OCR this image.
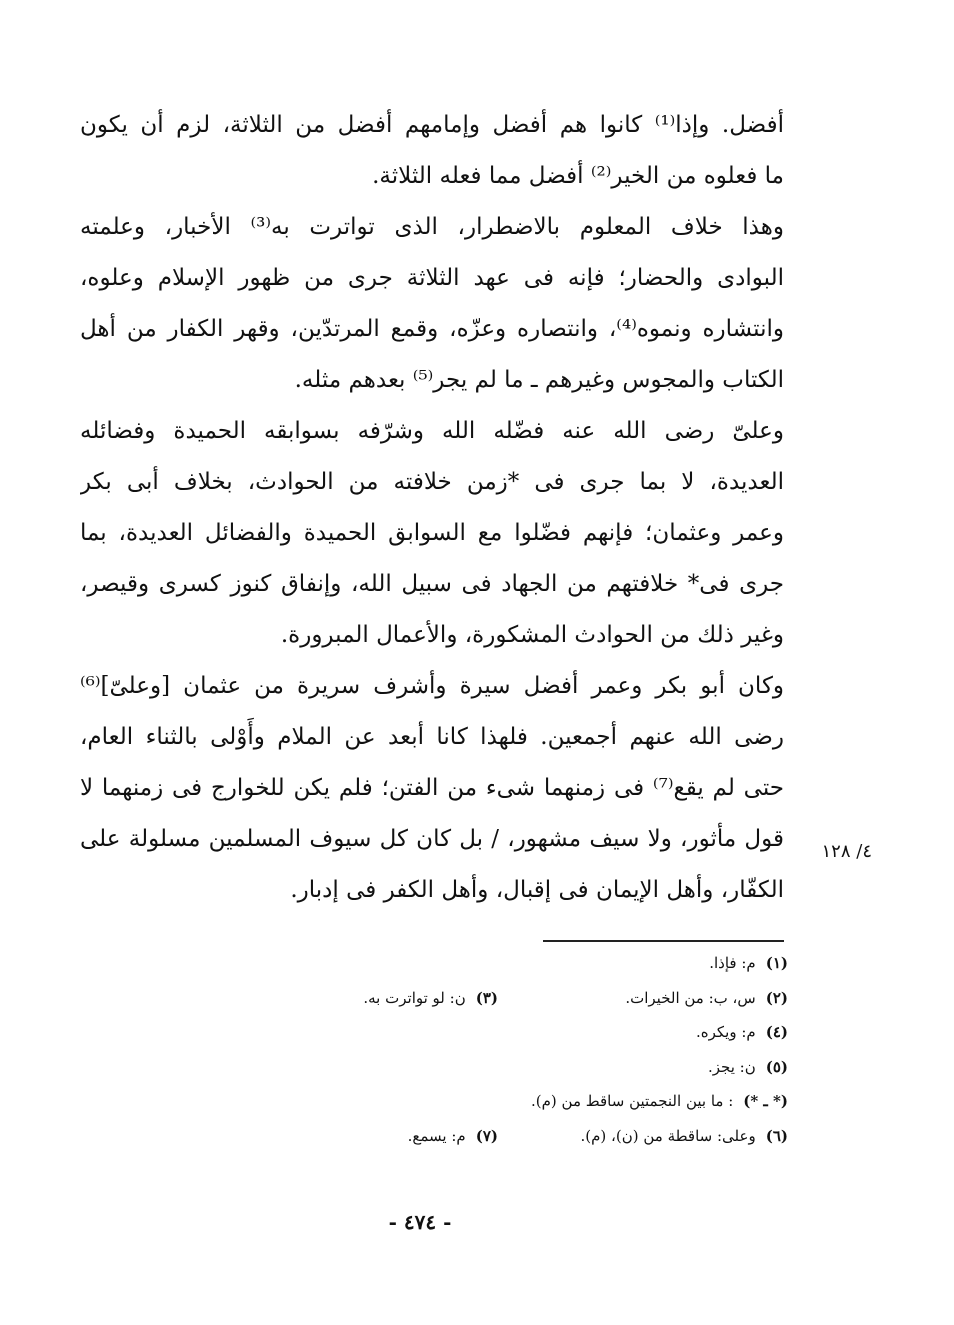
أفضل. وإذا⁽¹⁾ كانوا هم أفضل وإمامهم أفضل من الثلاثة، لزم أن يكون
ما فعلوه من الخير⁽²⁾ أفضل مما فعله الثلاثة.
وهذا خلاف المعلوم بالاضطرار، الذى تواترت به⁽³⁾ الأخبار، وعلمته
البوادى والحضار؛ فإنه فى عهد الثلاثة جرى من ظهور الإسلام وعلوه،
وانتشاره ونموه⁽⁴⁾، وانتصاره وعزّه، وقمع المرتدّين، وقهر الكفار من أهل
الكتاب والمجوس وغيرهم ـ ما لم يجر⁽⁵⁾ بعدهم مثله.
وعلىّ رضى الله عنه فضّله الله وشرّفه بسوابقه الحميدة وفضائله
العديدة، لا بما جرى فى *زمن خلافته من الحوادث، بخلاف أبى بكر
وعمر وعثمان؛ فإنهم فضّلوا مع السوابق الحميدة والفضائل العديدة، بما
جرى فى* خلافتهم من الجهاد فى سبيل الله، وإنفاق كنوز كسرى وقيصر،
وغير ذلك من الحوادث المشكورة، والأعمال المبرورة.
وكان أبو بكر وعمر أفضل سيرة وأشرف سريرة من عثمان [وعلىّ]⁽⁶⁾
رضى الله عنهم أجمعين. فلهذا كانا أبعد عن الملام وأَوْلى بالثناء العام،
حتى لم يقع⁽⁷⁾ فى زمنهما شىء من الفتن؛ فلم يكن للخوارج فى زمنهما لا
قول مأثور، ولا سيف مشهور، / بل كان كل سيوف المسلمين مسلولة على
الكفّار، وأهل الإيمان فى إقبال، وأهل الكفر فى إدبار.
٤/ ١٢٨
(١)م: فإذا.
(٢)س، ب: من الخيرات.
(٣)ن: لو تواترت به.
(٤)م: ويكره.
(٥)ن: يجز.
(* ـ *): ما بين النجمتين ساقط من (م).
(٦)وعلى: ساقطة من (ن)، (م).
(٧)م: يسمع.
- ٤٧٤ -
